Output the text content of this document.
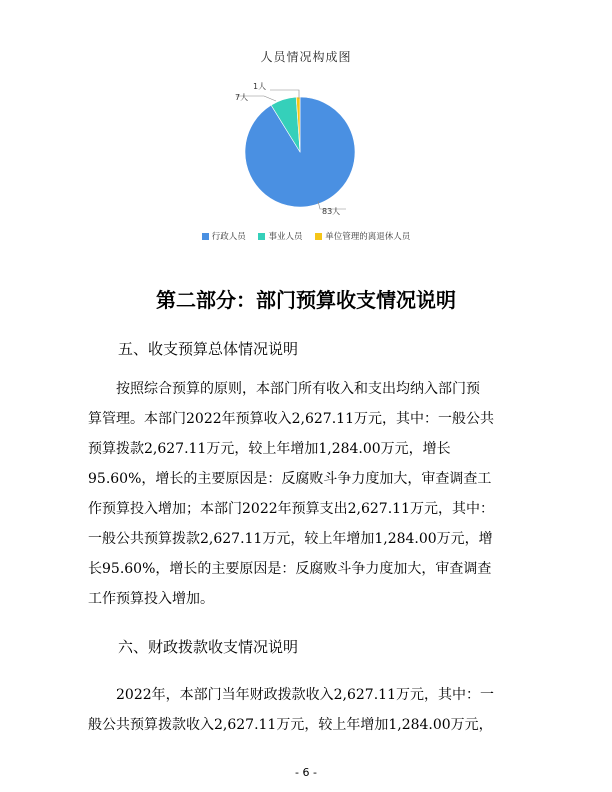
人员情况构成图
83人
7人
1人
行政人员	事业人员	单位管理的离退休人员
第二部分：部门预算收支情况说明
五、收支预算总体情况说明
按照综合预算的原则，本部门所有收入和支出均纳入部门预
算管理。本部门2022年预算收入2,627.11万元，其中：一般公共
预算拨款2,627.11万元，较上年增加1,284.00万元，增长
95.60%，增长的主要原因是：反腐败斗争力度加大，审查调查工
作预算投入增加；本部门2022年预算支出2,627.11万元，其中：
一般公共预算拨款2,627.11万元，较上年增加1,284.00万元，增
长95.60%，增长的主要原因是：反腐败斗争力度加大，审查调查
工作预算投入增加。
六、财政拨款收支情况说明
2022年，本部门当年财政拨款收入2,627.11万元，其中：一
般公共预算拨款收入2,627.11万元，较上年增加1,284.00万元，
- 6 -
